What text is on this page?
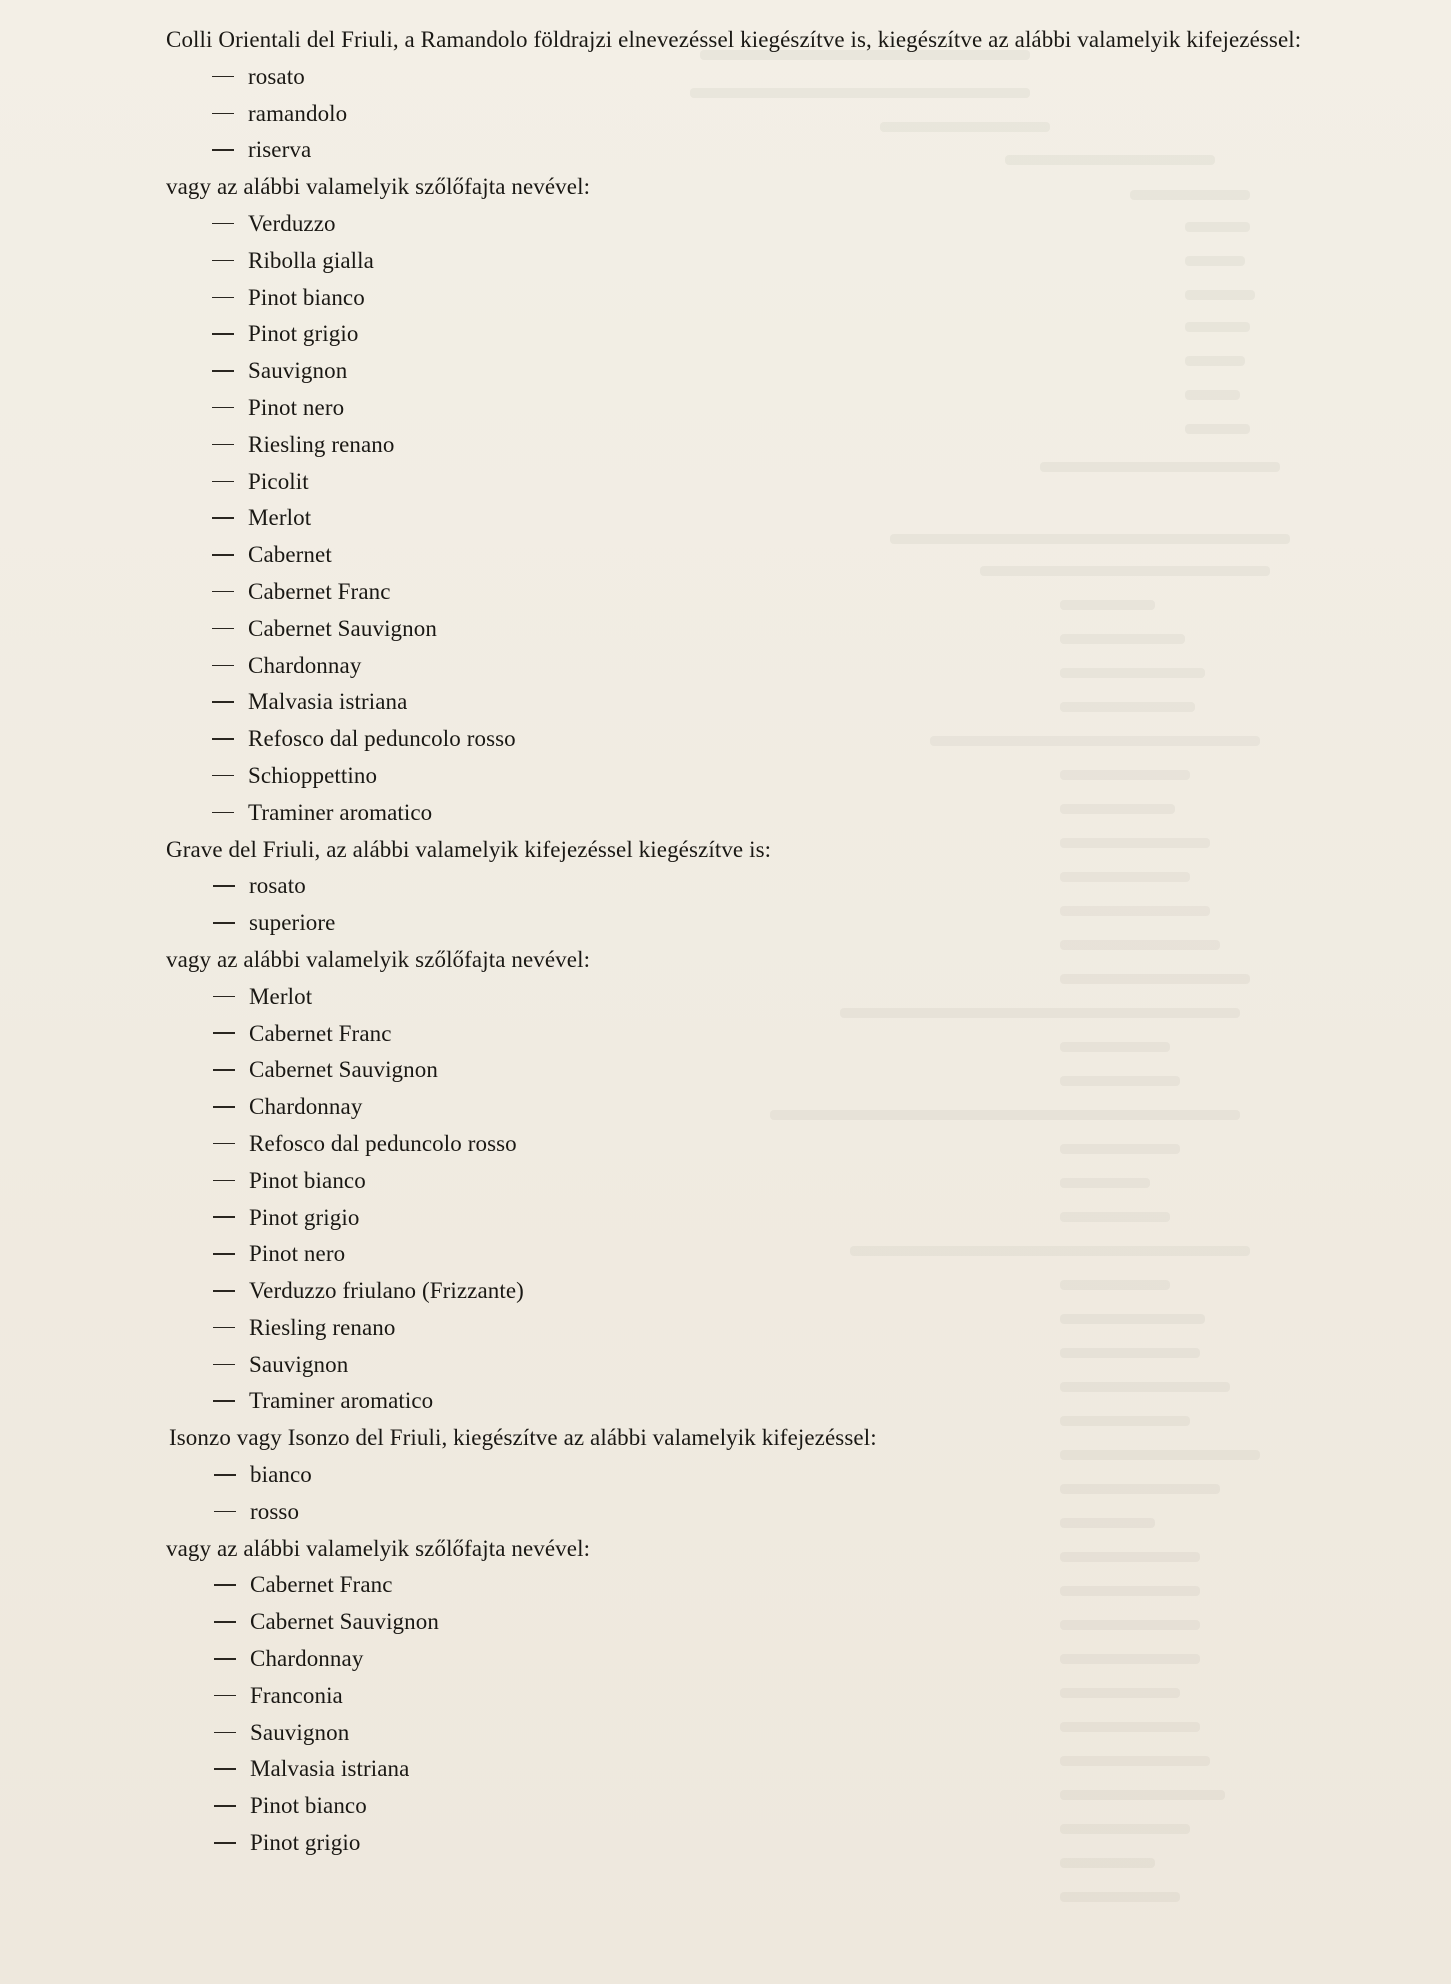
Colli Orientali del Friuli, a Ramandolo földrajzi elnevezéssel kiegészítve is, kiegészítve az alábbi valamelyik kifejezéssel:

rosato
ramandolo
riserva

vagy az alábbi valamelyik szőlőfajta nevével:

Verduzzo
Ribolla gialla
Pinot bianco
Pinot grigio
Sauvignon
Pinot nero
Riesling renano
Picolit
Merlot
Cabernet
Cabernet Franc
Cabernet Sauvignon
Chardonnay
Malvasia istriana
Refosco dal peduncolo rosso
Schioppettino
Traminer aromatico

Grave del Friuli, az alábbi valamelyik kifejezéssel kiegészítve is:

rosato
superiore

vagy az alábbi valamelyik szőlőfajta nevével:

Merlot
Cabernet Franc
Cabernet Sauvignon
Chardonnay
Refosco dal peduncolo rosso
Pinot bianco
Pinot grigio
Pinot nero
Verduzzo friulano (Frizzante)
Riesling renano
Sauvignon
Traminer aromatico

Isonzo vagy Isonzo del Friuli, kiegészítve az alábbi valamelyik kifejezéssel:

bianco
rosso

vagy az alábbi valamelyik szőlőfajta nevével:

Cabernet Franc
Cabernet Sauvignon
Chardonnay
Franconia
Sauvignon
Malvasia istriana
Pinot bianco
Pinot grigio
